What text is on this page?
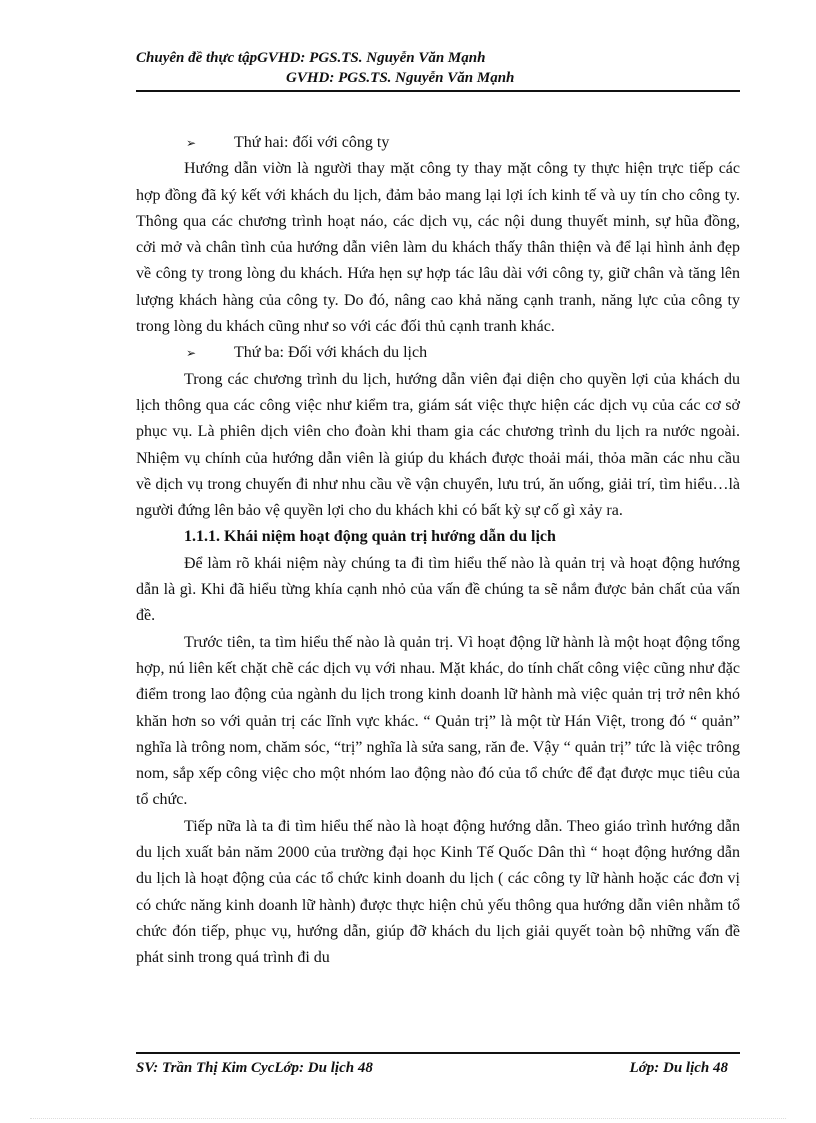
Chuyên đề thực tậpGVHD: PGS.TS. Nguyễn Văn Mạnh
GVHD: PGS.TS. Nguyễn Văn Mạnh

➢ Thứ hai: đối với công ty

Hướng dẫn viờn là người thay mặt công ty thay mặt công ty thực hiện trực tiếp các hợp đồng đã ký kết với khách du lịch, đảm bảo mang lại lợi ích kinh tế và uy tín cho công ty. Thông qua các chương trình hoạt náo, các dịch vụ, các nội dung thuyết minh, sự hũa đồng, cởi mở và chân tình của hướng dẫn viên làm du khách thấy thân thiện và để lại hình ảnh đẹp về công ty trong lòng du khách. Hứa hẹn sự hợp tác lâu dài với công ty, giữ chân và tăng lên lượng khách hàng của công ty. Do đó, nâng cao khả năng cạnh tranh, năng lực của công ty trong lòng du khách cũng như so với các đối thủ cạnh tranh khác.

➢ Thứ ba: Đối với khách du lịch

Trong các chương trình du lịch, hướng dẫn viên đại diện cho quyền lợi của khách du lịch thông qua các công việc như kiểm tra, giám sát việc thực hiện các dịch vụ của các cơ sở phục vụ. Là phiên dịch viên cho đoàn khi tham gia các chương trình du lịch ra nước ngoài. Nhiệm vụ chính của hướng dẫn viên là giúp du khách được thoải mái, thỏa mãn các nhu cầu về dịch vụ trong chuyến đi như nhu cầu về vận chuyển, lưu trú, ăn uống, giải trí, tìm hiểu…là người đứng lên bảo vệ quyền lợi cho du khách khi có bất kỳ sự cố gì xảy ra.

1.1.1. Khái niệm hoạt động quản trị hướng dẫn du lịch

Để làm rõ khái niệm này chúng ta đi tìm hiểu thế nào là quản trị và hoạt động hướng dẫn là gì. Khi đã hiểu từng khía cạnh nhỏ của vấn đề chúng ta sẽ nắm được bản chất của vấn đề.

Trước tiên, ta tìm hiểu thế nào là quản trị. Vì hoạt động lữ hành là một hoạt động tổng hợp, nú liên kết chặt chẽ các dịch vụ với nhau. Mặt khác, do tính chất công việc cũng như đặc điểm trong lao động của ngành du lịch trong kinh doanh lữ hành mà việc quản trị trở nên khó khăn hơn so với quản trị các lĩnh vực khác. “ Quản trị” là một từ Hán Việt, trong đó “ quản” nghĩa là trông nom, chăm sóc, “trị” nghĩa là sửa sang, răn đe. Vậy “ quản trị” tức là việc trông nom, sắp xếp công việc cho một nhóm lao động nào đó của tổ chức để đạt được mục tiêu của tổ chức.

Tiếp nữa là ta đi tìm hiểu thế nào là hoạt động hướng dẫn. Theo giáo trình hướng dẫn du lịch xuất bản năm 2000 của trường đại học Kinh Tế Quốc Dân thì “ hoạt động hướng dẫn du lịch là hoạt động của các tổ chức kinh doanh du lịch ( các công ty lữ hành hoặc các đơn vị có chức năng kinh doanh lữ hành) được thực hiện chủ yếu thông qua hướng dẫn viên nhằm tổ chức đón tiếp, phục vụ, hướng dẫn, giúp đỡ khách du lịch giải quyết toàn bộ những vấn đề phát sinh trong quá trình đi du

SV: Trần Thị Kim CycLớp: Du lịch 48	Lớp: Du lịch 48
